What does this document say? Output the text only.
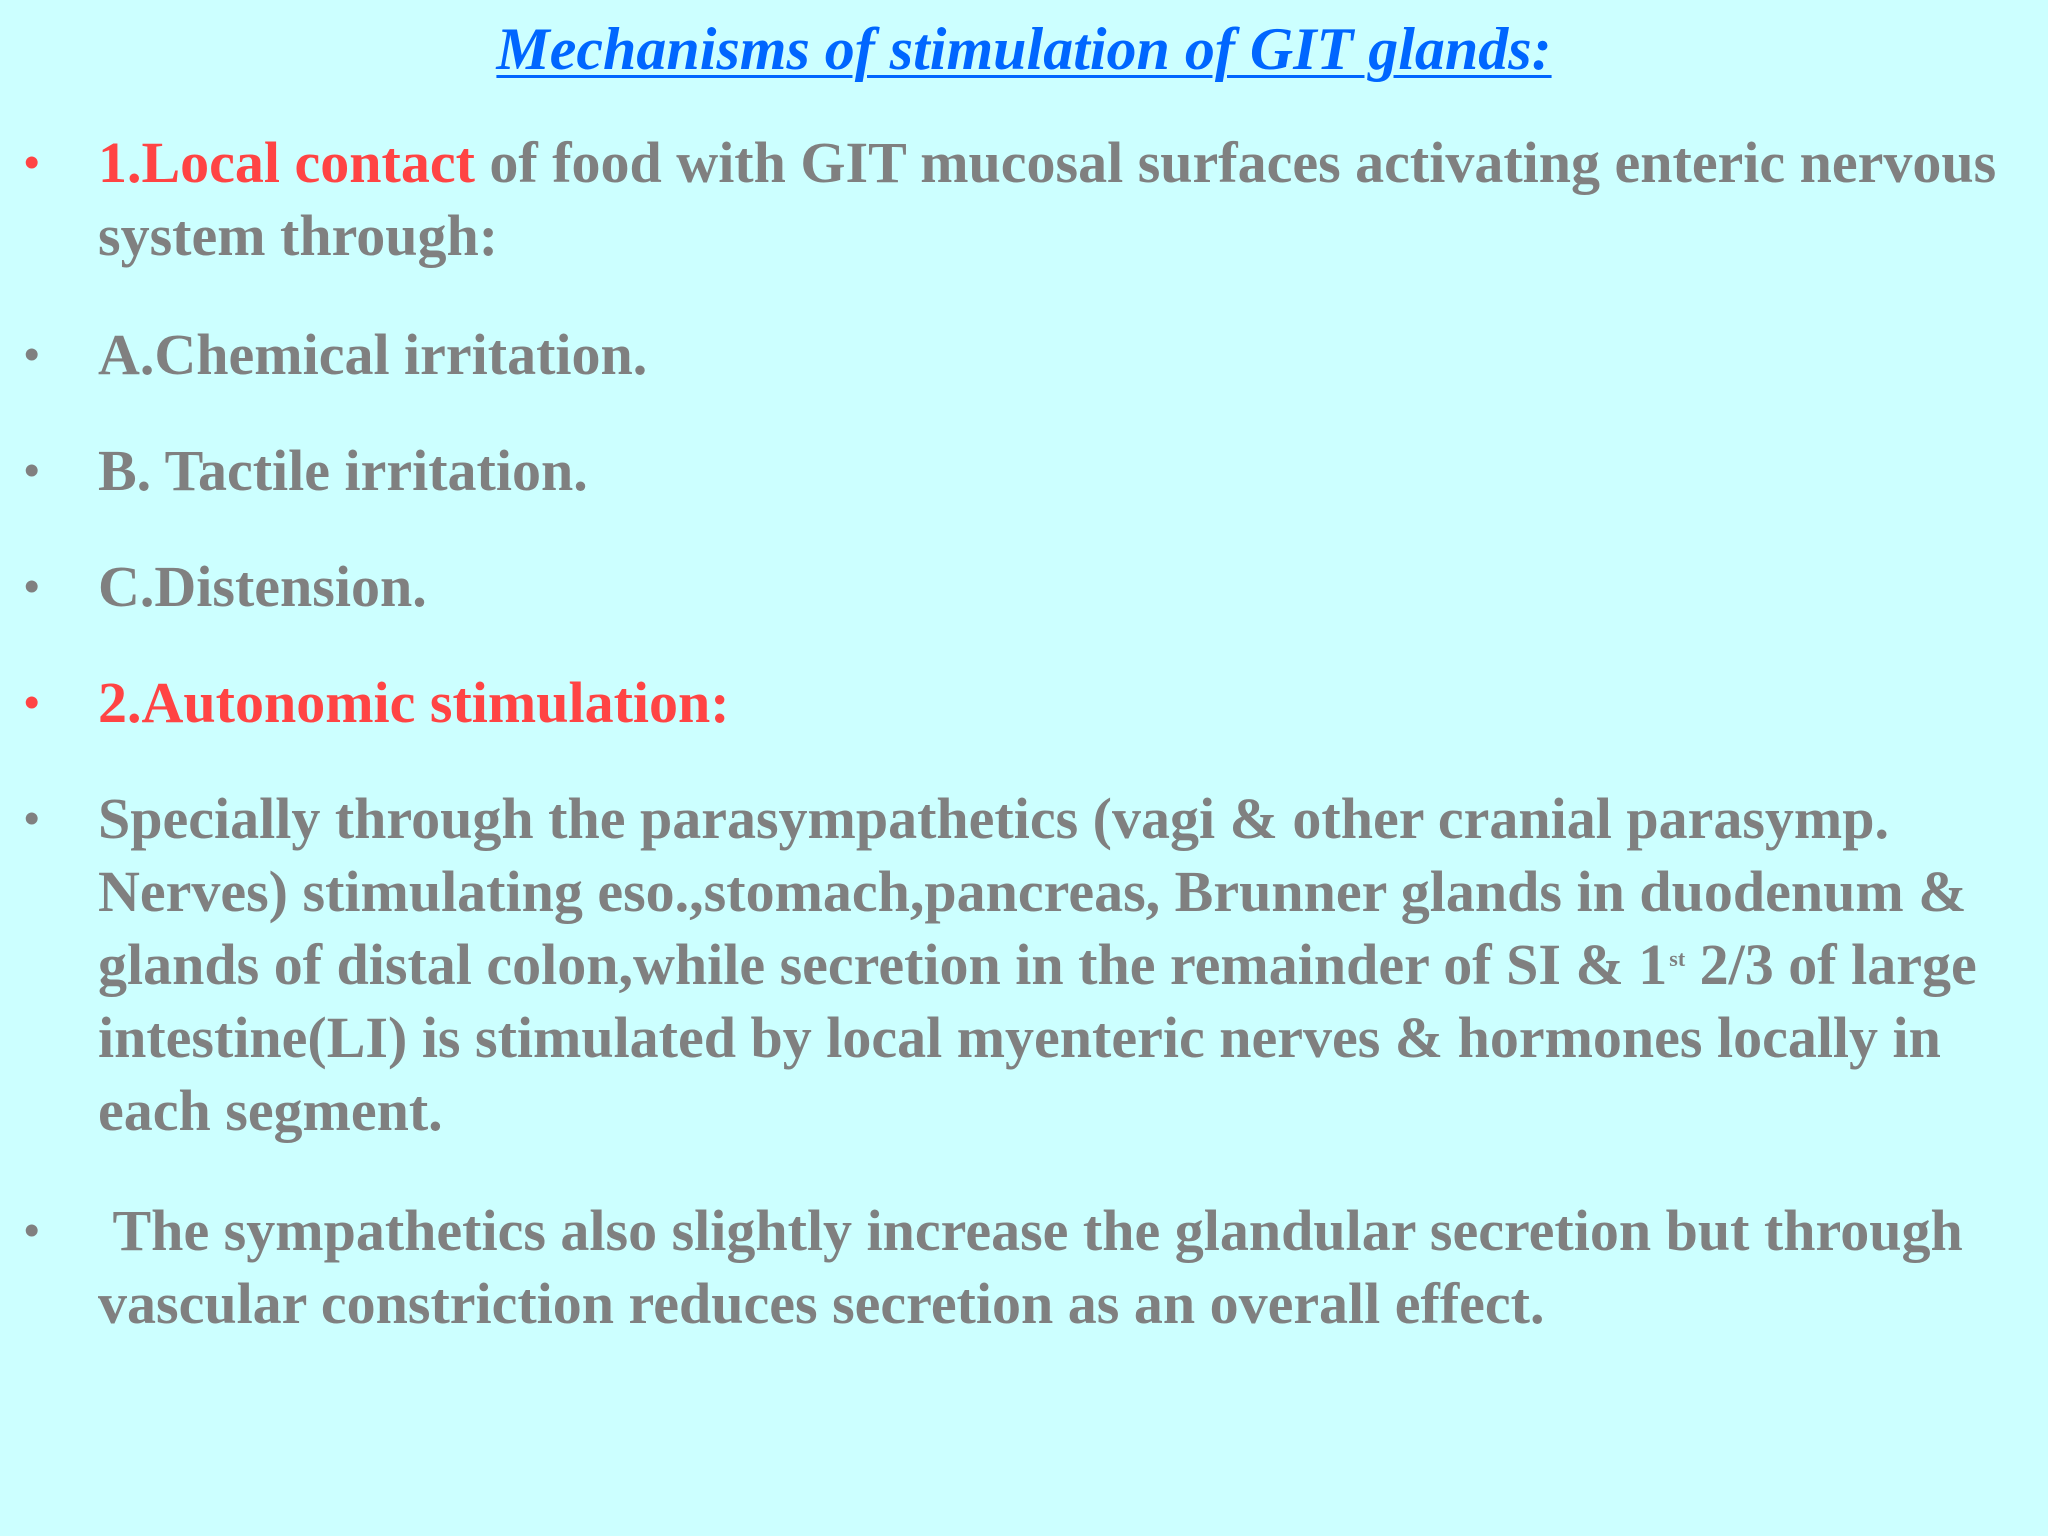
Mechanisms of stimulation of GIT glands:
• 1.Local contact of food with GIT mucosal surfaces activating enteric nervous system through:
• A.Chemical irritation.
• B. Tactile irritation.
• C.Distension.
• 2.Autonomic stimulation:
• Specially through the parasympathetics (vagi & other cranial parasymp. Nerves) stimulating eso.,stomach,pancreas, Brunner glands in duodenum & glands of distal colon,while secretion in the remainder of SI & 1st 2/3 of large intestine(LI) is stimulated by local myenteric nerves & hormones locally in each segment.
• The sympathetics also slightly increase the glandular secretion but through vascular constriction reduces secretion as an overall effect.
